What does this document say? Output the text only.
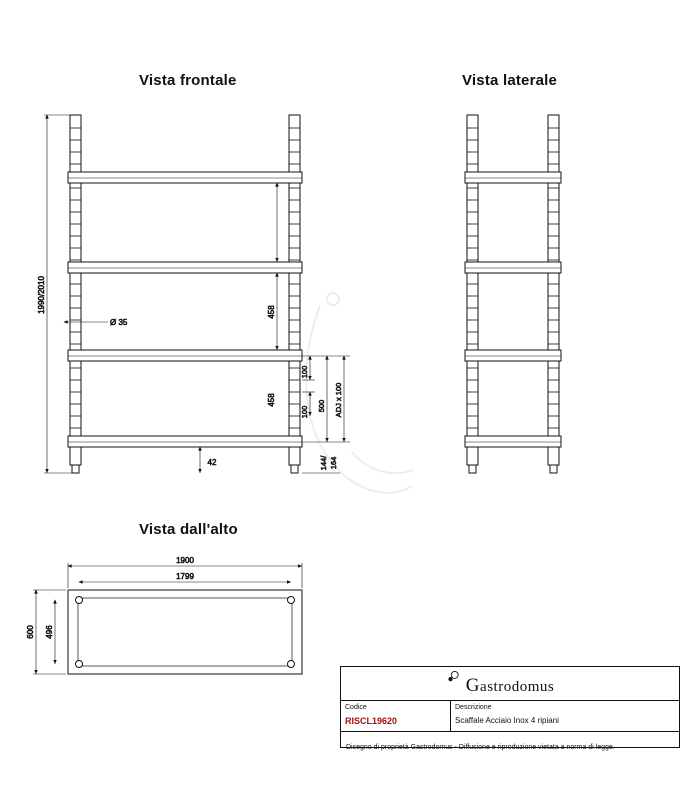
Vista frontale	Vista laterale
Vista dall'alto
1990/2010
Ø 35
458
458
100
100 500 ADJ x 100
42	144/ 164
1900
1799
600 496
Gastrodomus
Codice
RISCL19620
Descrizione
Scaffale Acciaio Inox 4 ripiani
Disegno di proprietà Gastrodomus - Diffusione e riproduzione vietata a norma di legge.
